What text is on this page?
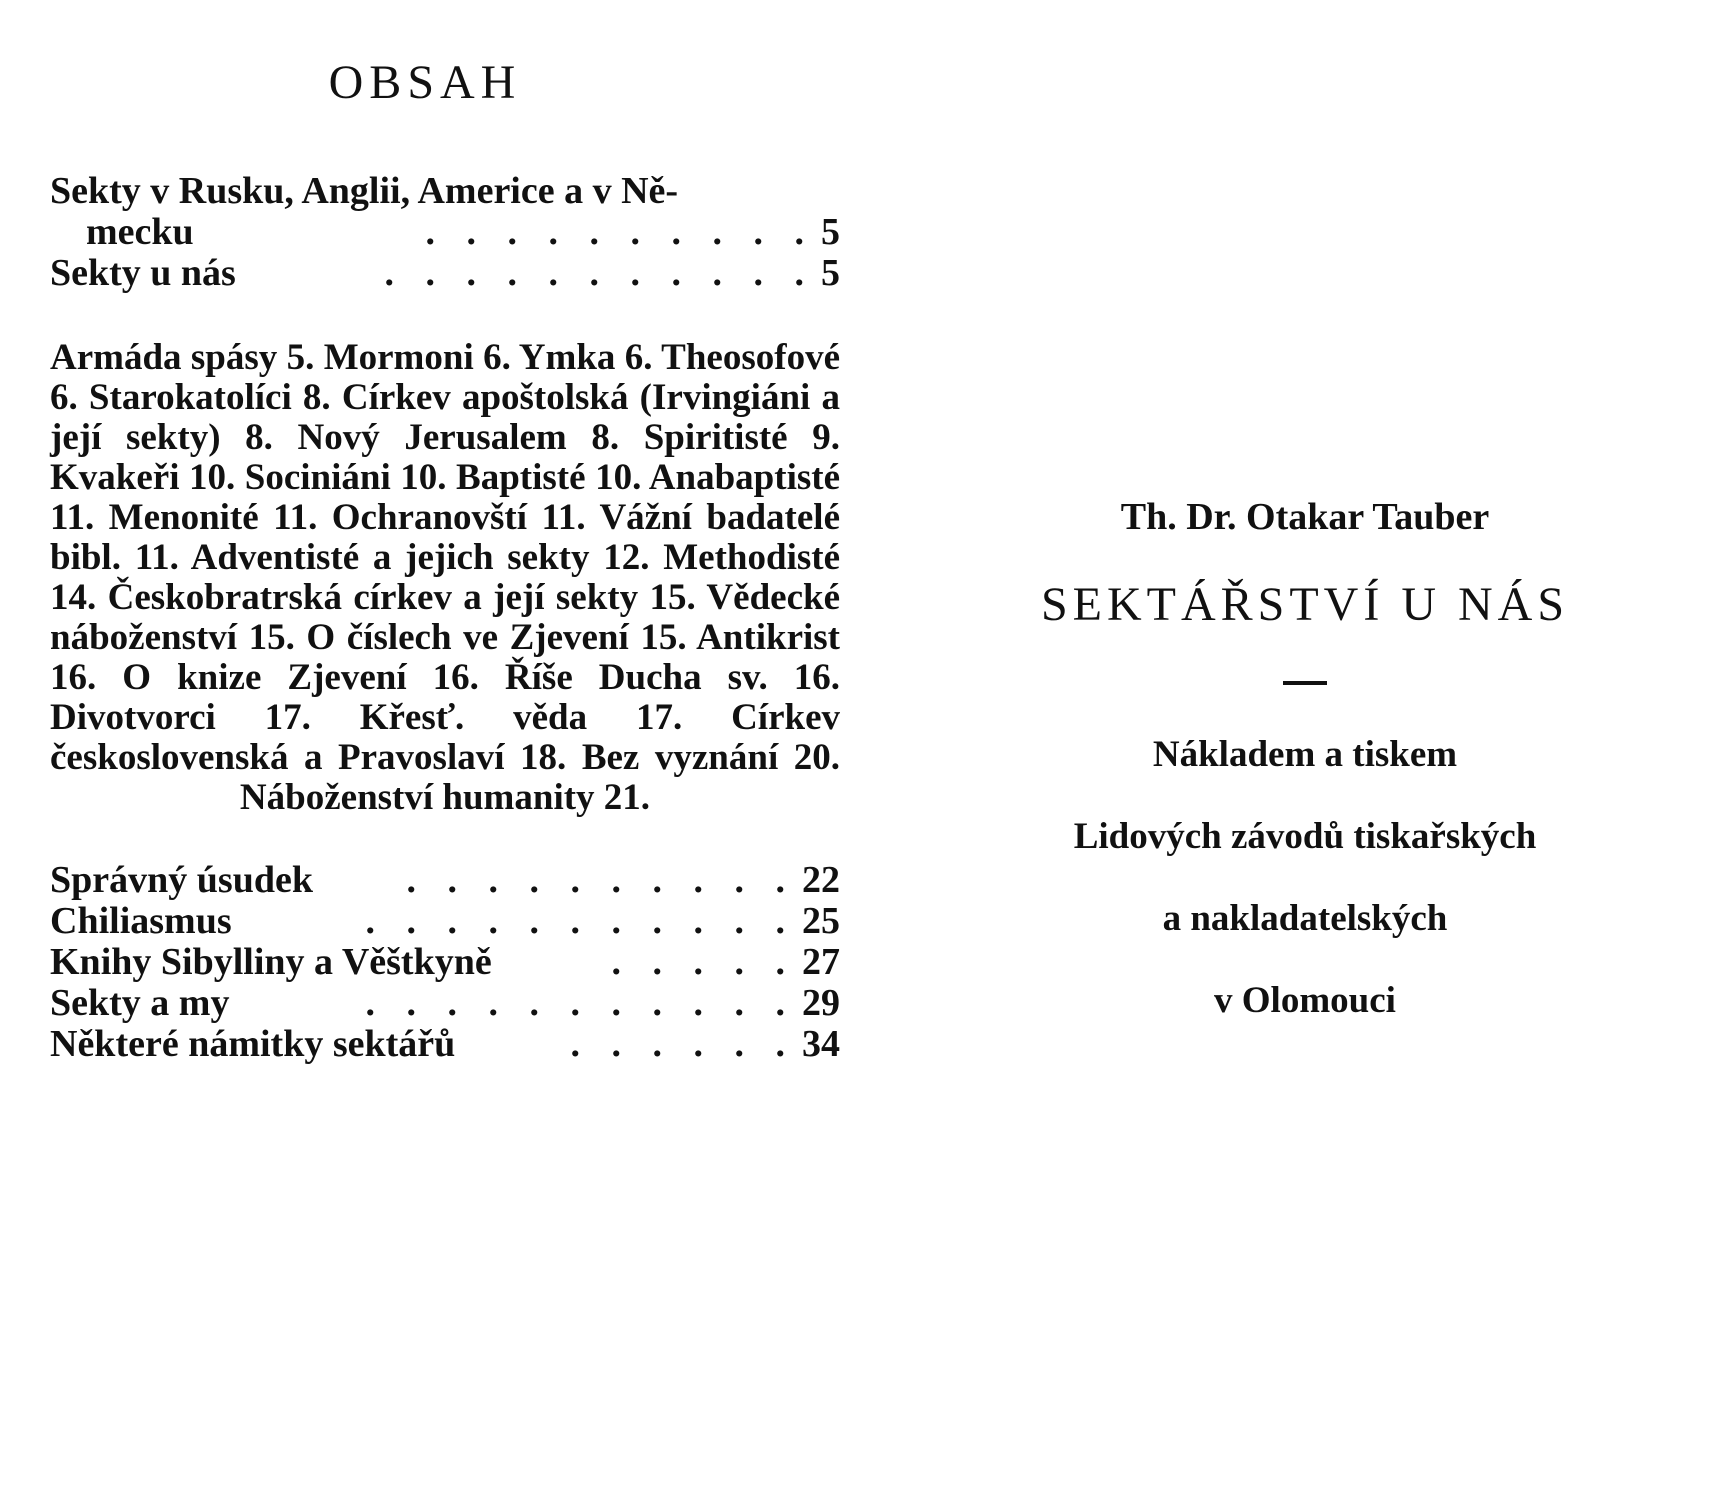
OBSAH
Sekty v Rusku, Anglii, Americe a v Ně-
mecku	. . . . . . . . . . 5
Sekty u nás	. . . . . . . . . . . 5

Armáda spásy 5. Mormoni 6. Ymka 6. Theosofové 6. Starokatolíci 8. Církev apoštolská (Irvingiáni a její sekty) 8. Nový Jerusalem 8. Spiritisté 9. Kvakeři 10. Sociniáni 10. Baptisté 10. Anabaptisté 11. Menonité 11. Ochranovští 11. Vážní badatelé bibl. 11. Adventisté a jejich sekty 12. Methodisté 14. Českobratrská církev a její sekty 15. Vědecké náboženství 15. O číslech ve Zjevení 15. Antikrist 16. O knize Zjevení 16. Říše Ducha sv. 16. Divotvorci 17. Křesť. věda 17. Církev československá a Pravoslaví 18. Bez vyznání 20. Náboženství humanity 21.

Správný úsudek	. . . . . . . . . . 22
Chiliasmus	. . . . . . . . . . . 25
Knihy Sibylliny a Věštkyně	. . . . . 27
Sekty a my	. . . . . . . . . . . 29
Některé námitky sektářů	. . . . . . 34
Th. Dr. Otakar Tauber
SEKTÁŘSTVÍ U NÁS
Nákladem a tiskem
Lidových závodů tiskařských
a nakladatelských
v Olomouci
